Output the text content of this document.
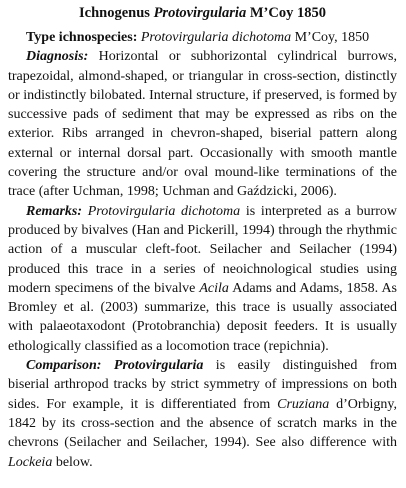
Ichnogenus Protovirgularia M’Coy 1850

Type ichnospecies: Protovirgularia dichotoma M’Coy, 1850

Diagnosis: Horizontal or subhorizontal cylindrical burrows, trapezoidal, almond-shaped, or triangular in cross-section, distinctly or indistinctly bilobated. Internal structure, if preserved, is formed by successive pads of sediment that may be expressed as ribs on the exterior. Ribs arranged in chevron-shaped, biserial pattern along external or internal dorsal part. Occasionally with smooth mantle covering the structure and/or oval mound-like terminations of the trace (after Uchman, 1998; Uchman and Gaździcki, 2006).

Remarks: Protovirgularia dichotoma is interpreted as a burrow produced by bivalves (Han and Pickerill, 1994) through the rhythmic action of a muscular cleft-foot. Seilacher and Seilacher (1994) produced this trace in a series of neoichnological studies using modern specimens of the bivalve Acila Adams and Adams, 1858. As Bromley et al. (2003) summarize, this trace is usually associated with palaeotaxodont (Protobranchia) deposit feeders. It is usually ethologically classified as a locomotion trace (repichnia).

Comparison: Protovirgularia is easily distinguished from biserial arthropod tracks by strict symmetry of impressions on both sides. For example, it is differentiated from Cruziana d’Orbigny, 1842 by its cross-section and the absence of scratch marks in the chevrons (Seilacher and Seilacher, 1994). See also difference with Lockeia below.
